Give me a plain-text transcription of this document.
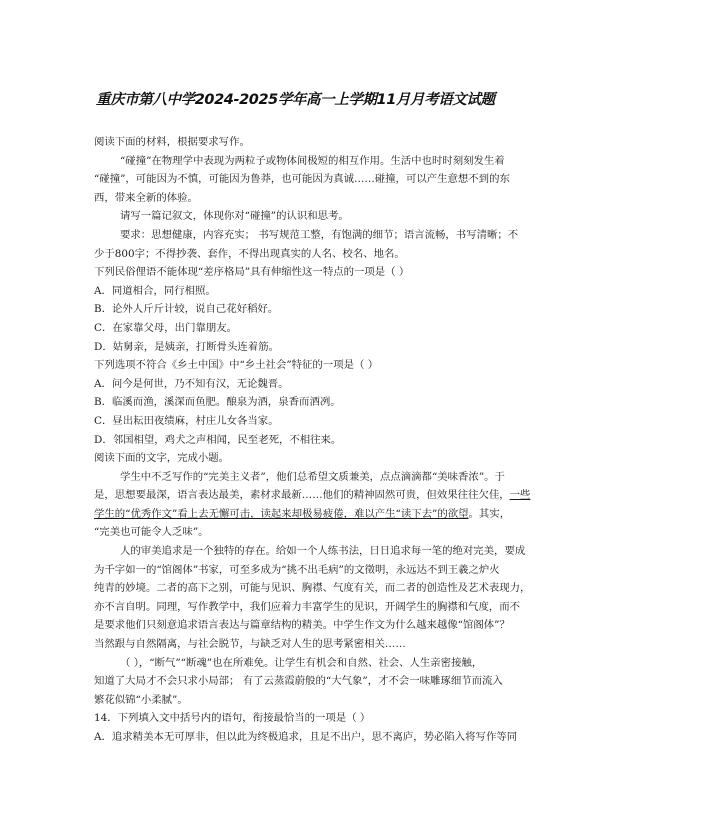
重庆市第八中学2024-2025学年高一上学期11月月考语文试题
阅读下面的材料，根据要求写作。
“碰撞”在物理学中表现为两粒子或物体间极短的相互作用。生活中也时时刻刻发生着
“碰撞”，可能因为不慎，可能因为鲁莽，也可能因为真诚……碰撞，可以产生意想不到的东
西，带来全新的体验。
请写一篇记叙文，体现你对“碰撞”的认识和思考。
要求：思想健康，内容充实； 书写规范工整，有饱满的细节；语言流畅，书写清晰；不
少于800字；不得抄袭、套作，不得出现真实的人名、校名、地名。
下列民俗俚语不能体现“差序格局”具有伸缩性这一特点的一项是（ ）
A．同道相合，同行相照。
B．论外人斤斤计较，说自己花好稻好。
C．在家靠父母，出门靠朋友。
D．姑舅亲，是姨亲，打断骨头连着筋。
下列选项不符合《乡土中国》中“乡土社会”特征的一项是（ ）
A．问今是何世，乃不知有汉，无论魏晋。
B．临溪而渔，溪深而鱼肥。酿泉为酒，泉香而酒冽。
C．昼出耘田夜绩麻，村庄儿女各当家。
D．邻国相望，鸡犬之声相闻，民至老死，不相往来。
阅读下面的文字，完成小题。
学生中不乏写作的“完美主义者”，他们总希望文质兼美，点点滴滴都“美味香浓”。于
是，思想要最深，语言表达最美，素材求最新……他们的精神固然可贵，但效果往往欠佳，一些
学生的“优秀作文”看上去无懈可击，读起来却极易疲倦，难以产生“读下去”的欲望。其实，
“完美也可能令人乏味”。
人的审美追求是一个独特的存在。给如一个人练书法，日日追求每一笔的绝对完美，要成
为千字如一的“馆阁体”书家，可至多成为“挑不出毛病”的文徵明，永远达不到王羲之炉火
纯青的妙境。二者的高下之别，可能与见识、胸襟、气度有关，而二者的创造性及艺术表现力，
亦不言自明。同理，写作教学中，我们应着力丰富学生的见识，开阔学生的胸襟和气度，而不
是要求他们只刻意追求语言表达与篇章结构的精美。中学生作文为什么越来越像“馆阁体”？
当然跟与自然隔离，与社会脱节，与缺乏对人生的思考紧密相关……
（ ），“断气”“断魂”也在所难免。让学生有机会和自然、社会、人生亲密接触，
知道了大局才不会只求小局部； 有了云蒸霞蔚般的“大气象”，才不会一味雕琢细节而流入
繁花似锦“小柔腻”。
14．下列填入文中括号内的语句，衔接最恰当的一项是（ ）
A．追求精美本无可厚非，但以此为终极追求，且足不出户，思不离庐，势必陷入将写作等同
